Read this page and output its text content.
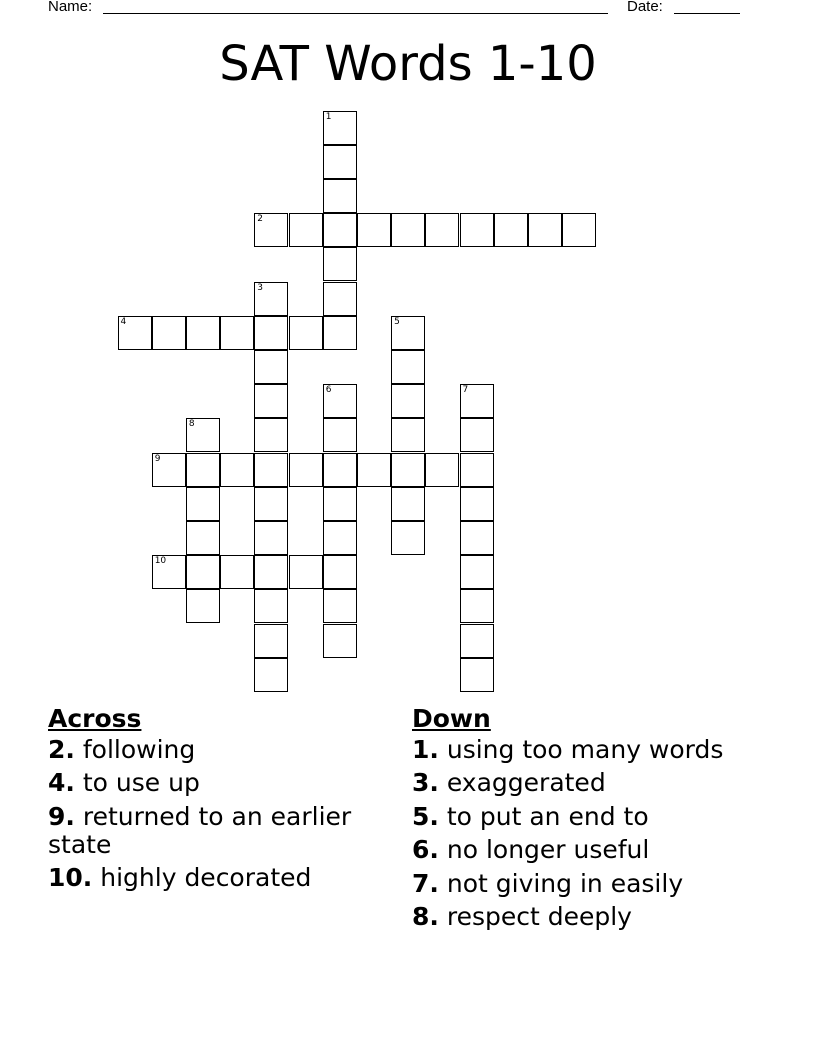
Name:	Date:
SAT Words 1-10
1
2
3
4	5
6	7
8
9
10
Across
2. following
4. to use up
9. returned to an earlier state
10. highly decorated
Down
1. using too many words
3. exaggerated
5. to put an end to
6. no longer useful
7. not giving in easily
8. respect deeply
